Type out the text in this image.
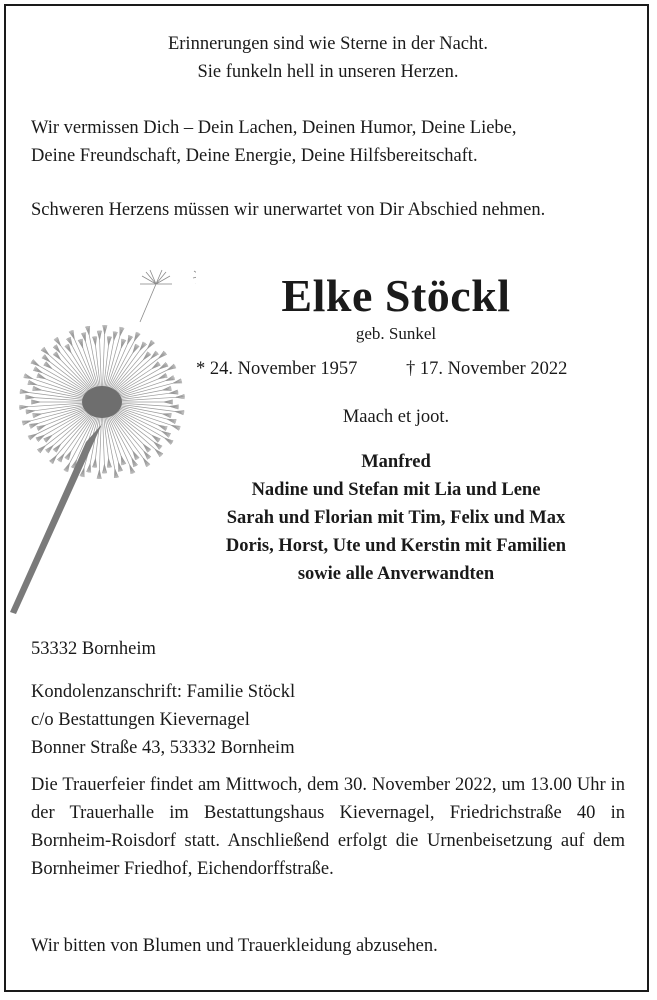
Erinnerungen sind wie Sterne in der Nacht.
Sie funkeln hell in unseren Herzen.
Wir vermissen Dich – Dein Lachen, Deinen Humor, Deine Liebe,
Deine Freundschaft, Deine Energie, Deine Hilfsbereitschaft.
Schweren Herzens müssen wir unerwartet von Dir Abschied nehmen.
Elke Stöckl
geb. Sunkel
* 24. November 1957	† 17. November 2022
Maach et joot.
Manfred
Nadine und Stefan mit Lia und Lene
Sarah und Florian mit Tim, Felix und Max
Doris, Horst, Ute und Kerstin mit Familien
sowie alle Anverwandten
53332 Bornheim
Kondolenzanschrift: Familie Stöckl
c/o Bestattungen Kievernagel
Bonner Straße 43, 53332 Bornheim
Die Trauerfeier findet am Mittwoch, dem 30. November 2022, um 13.00 Uhr in der Trauerhalle im Bestattungshaus Kievernagel, Friedrichstraße 40 in Bornheim-Roisdorf statt. Anschließend erfolgt die Urnenbeisetzung auf dem Bornheimer Friedhof, Eichendorffstraße.
Wir bitten von Blumen und Trauerkleidung abzusehen.
